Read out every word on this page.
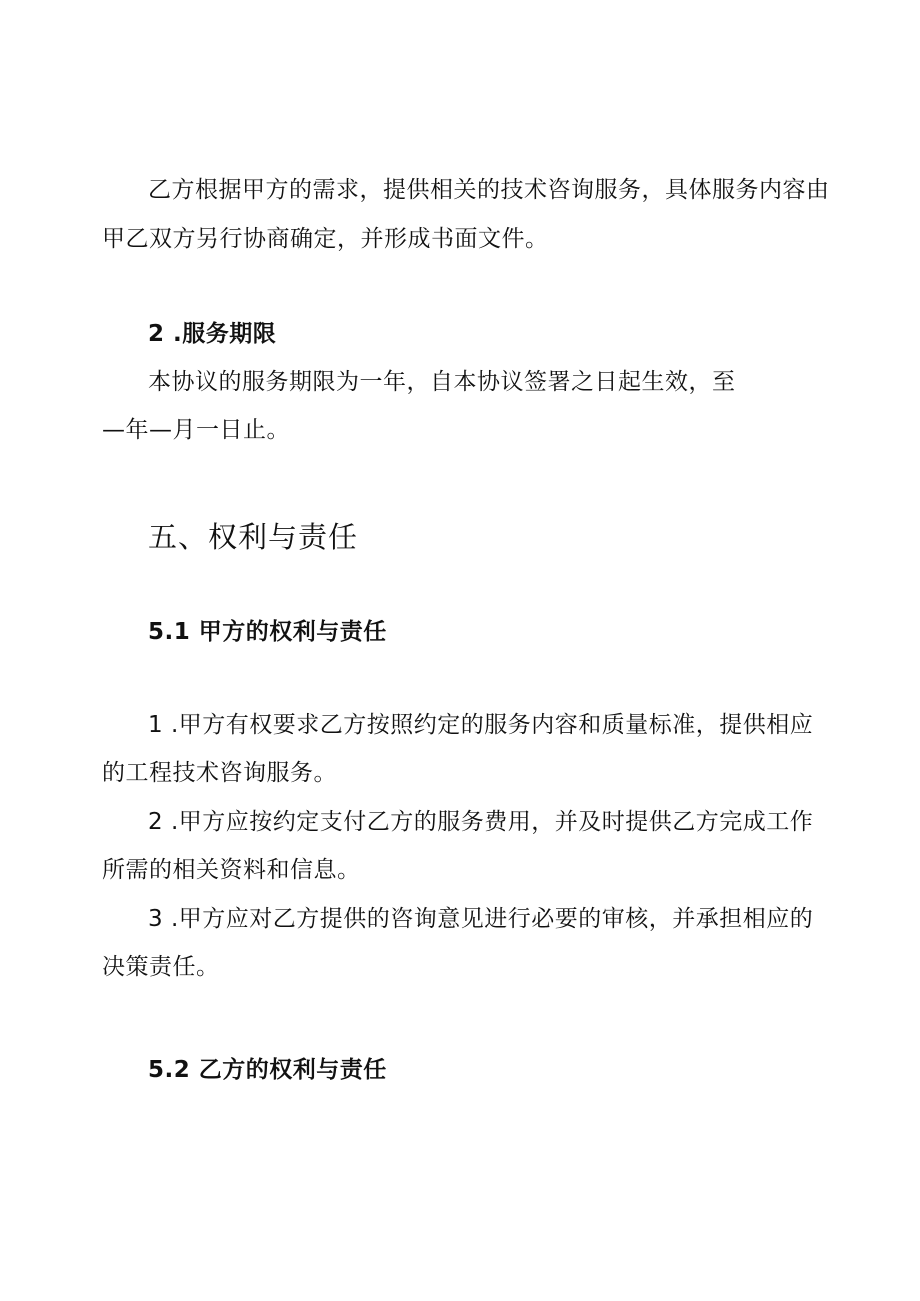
乙方根据甲方的需求，提供相关的技术咨询服务，具体服务内容由
甲乙双方另行协商确定，并形成书面文件。
2 .服务期限
本协议的服务期限为一年，自本协议签署之日起生效，至
—年—月一日止。
五、权利与责任
5.1 甲方的权利与责任
1 .甲方有权要求乙方按照约定的服务内容和质量标准，提供相应
的工程技术咨询服务。
2 .甲方应按约定支付乙方的服务费用，并及时提供乙方完成工作
所需的相关资料和信息。
3 .甲方应对乙方提供的咨询意见进行必要的审核，并承担相应的
决策责任。
5.2 乙方的权利与责任
